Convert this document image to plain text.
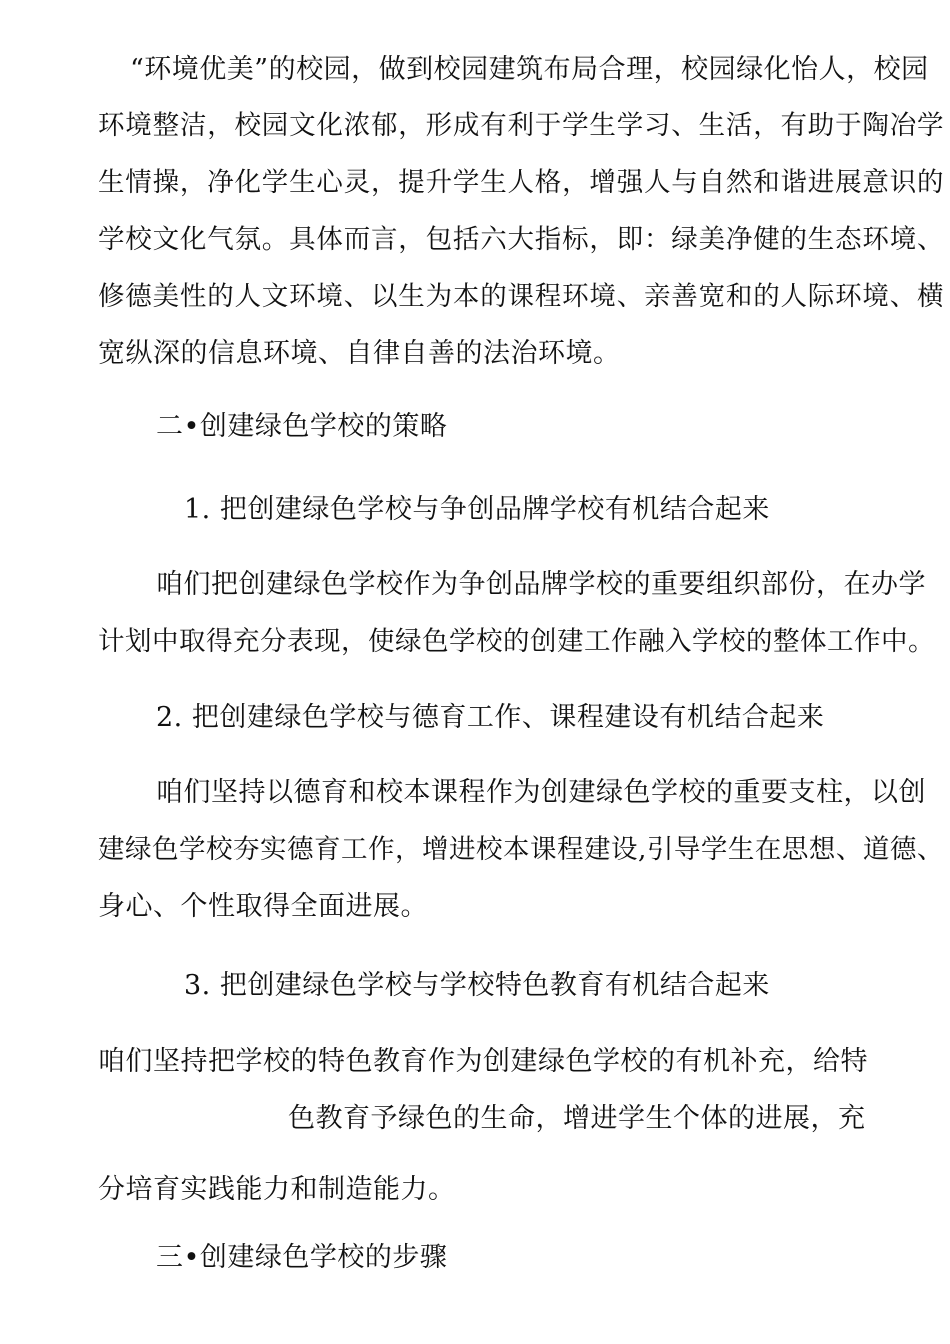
“环境优美”的校园，做到校园建筑布局合理，校园绿化怡人，校园
环境整洁，校园文化浓郁，形成有利于学生学习、生活，有助于陶冶学
生情操，净化学生心灵，提升学生人格，增强人与自然和谐进展意识的
学校文化气氛。具体而言，包括六大指标，即：绿美净健的生态环境、
修德美性的人文环境、以生为本的课程环境、亲善宽和的人际环境、横
宽纵深的信息环境、自律自善的法治环境。
二•创建绿色学校的策略
1. 把创建绿色学校与争创品牌学校有机结合起来
咱们把创建绿色学校作为争创品牌学校的重要组织部份，在办学
计划中取得充分表现，使绿色学校的创建工作融入学校的整体工作中。
2. 把创建绿色学校与德育工作、课程建设有机结合起来
咱们坚持以德育和校本课程作为创建绿色学校的重要支柱，以创
建绿色学校夯实德育工作，增进校本课程建设,引导学生在思想、道德、
身心、个性取得全面进展。
3. 把创建绿色学校与学校特色教育有机结合起来
咱们坚持把学校的特色教育作为创建绿色学校的有机补充，给特
色教育予绿色的生命，增进学生个体的进展，充
分培育实践能力和制造能力。
三•创建绿色学校的步骤
